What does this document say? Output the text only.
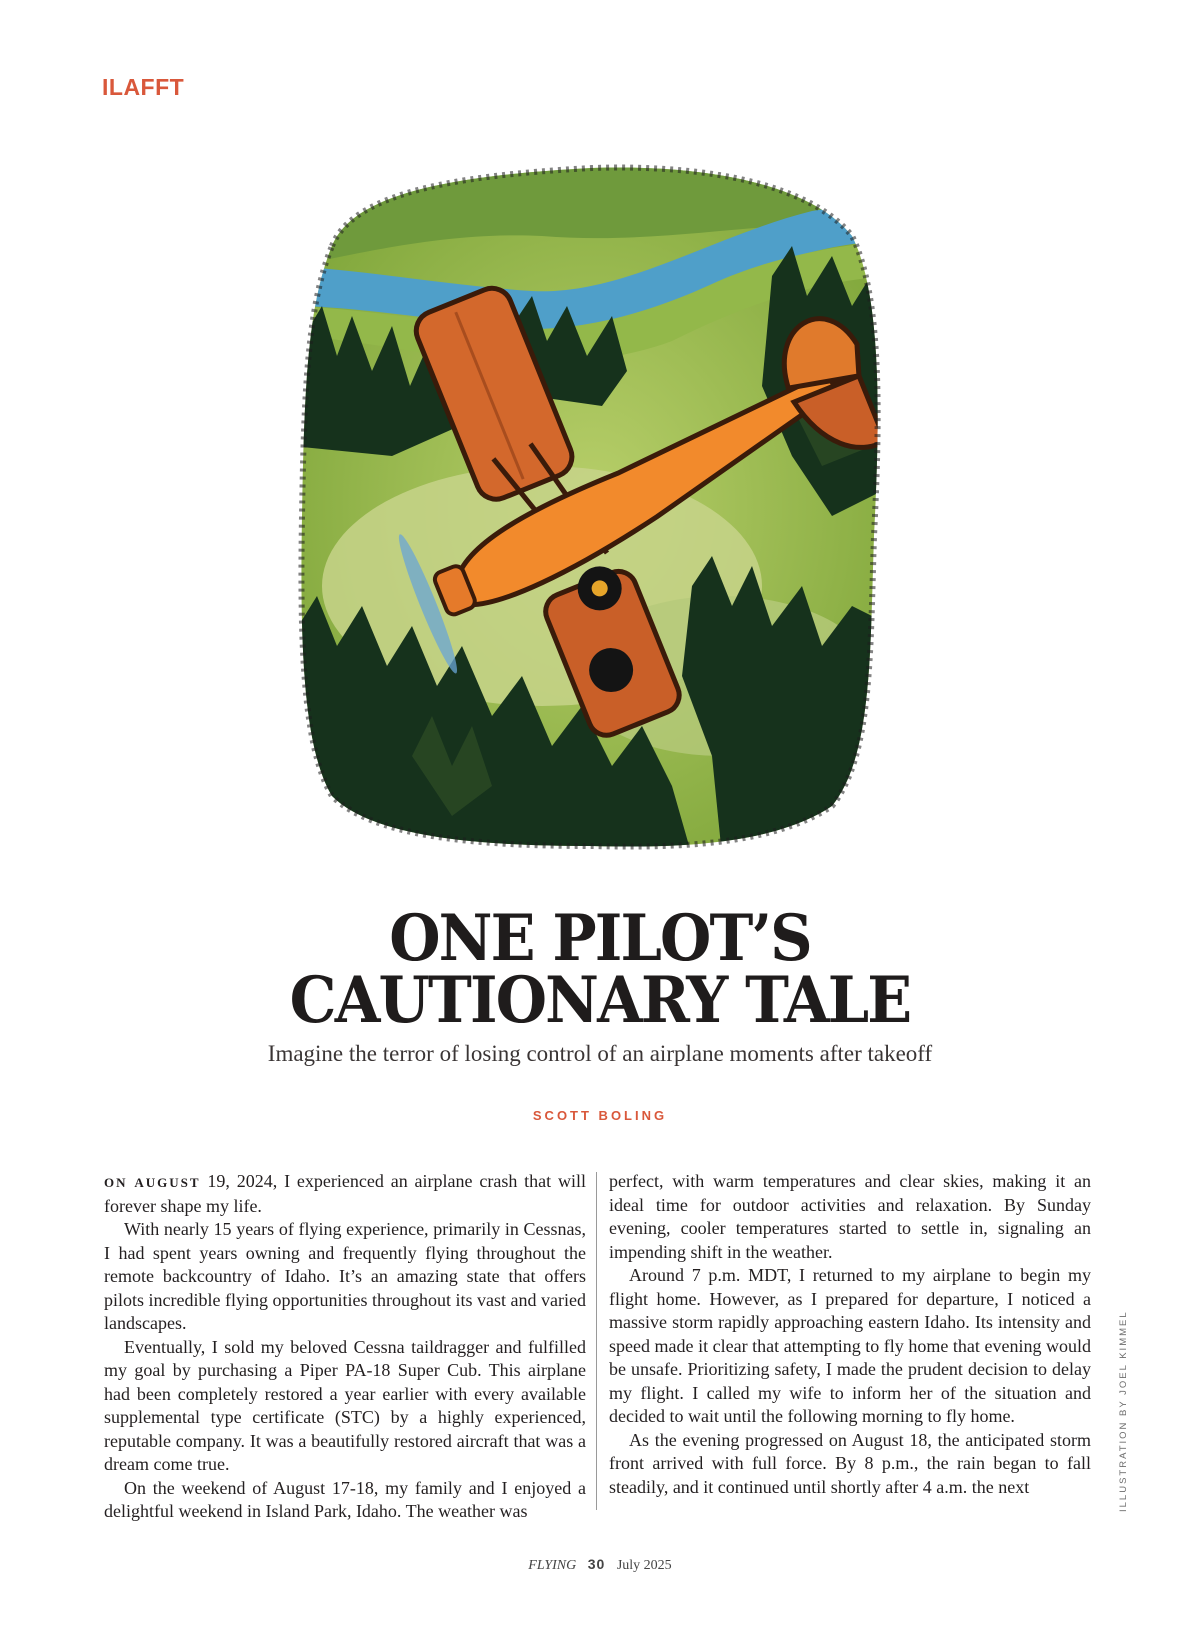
ILAFFT
ONE PILOT’S
CAUTIONARY TALE
Imagine the terror of losing control of an airplane moments after takeoff
SCOTT BOLING

ON AUGUST 19, 2024, I experienced an airplane crash that will forever shape my life.

With nearly 15 years of flying experience, primarily in Cessnas, I had spent years owning and frequently flying throughout the remote backcountry of Idaho. It’s an amazing state that offers pilots incredible flying opportunities throughout its vast and varied landscapes.

Eventually, I sold my beloved Cessna taildragger and fulfilled my goal by purchasing a Piper PA-18 Super Cub. This airplane had been completely restored a year earlier with every available supplemental type certificate (STC) by a highly experienced, reputable company. It was a beautifully restored aircraft that was a dream come true.

On the weekend of August 17-18, my family and I enjoyed a delightful weekend in Island Park, Idaho. The weather was

perfect, with warm temperatures and clear skies, making it an ideal time for outdoor activities and relaxation. By Sunday evening, cooler temperatures started to settle in, signaling an impending shift in the weather.

Around 7 p.m. MDT, I returned to my airplane to begin my flight home. However, as I prepared for departure, I noticed a massive storm rapidly approaching eastern Idaho. Its intensity and speed made it clear that attempting to fly home that evening would be unsafe. Prioritizing safety, I made the prudent decision to delay my flight. I called my wife to inform her of the situation and decided to wait until the following morning to fly home.

As the evening progressed on August 18, the anticipated storm front arrived with full force. By 8 p.m., the rain began to fall steadily, and it continued until shortly after 4 a.m. the next	ILLUSTRATION BY JOEL KIMMEL
FLYING 30 July 2025
